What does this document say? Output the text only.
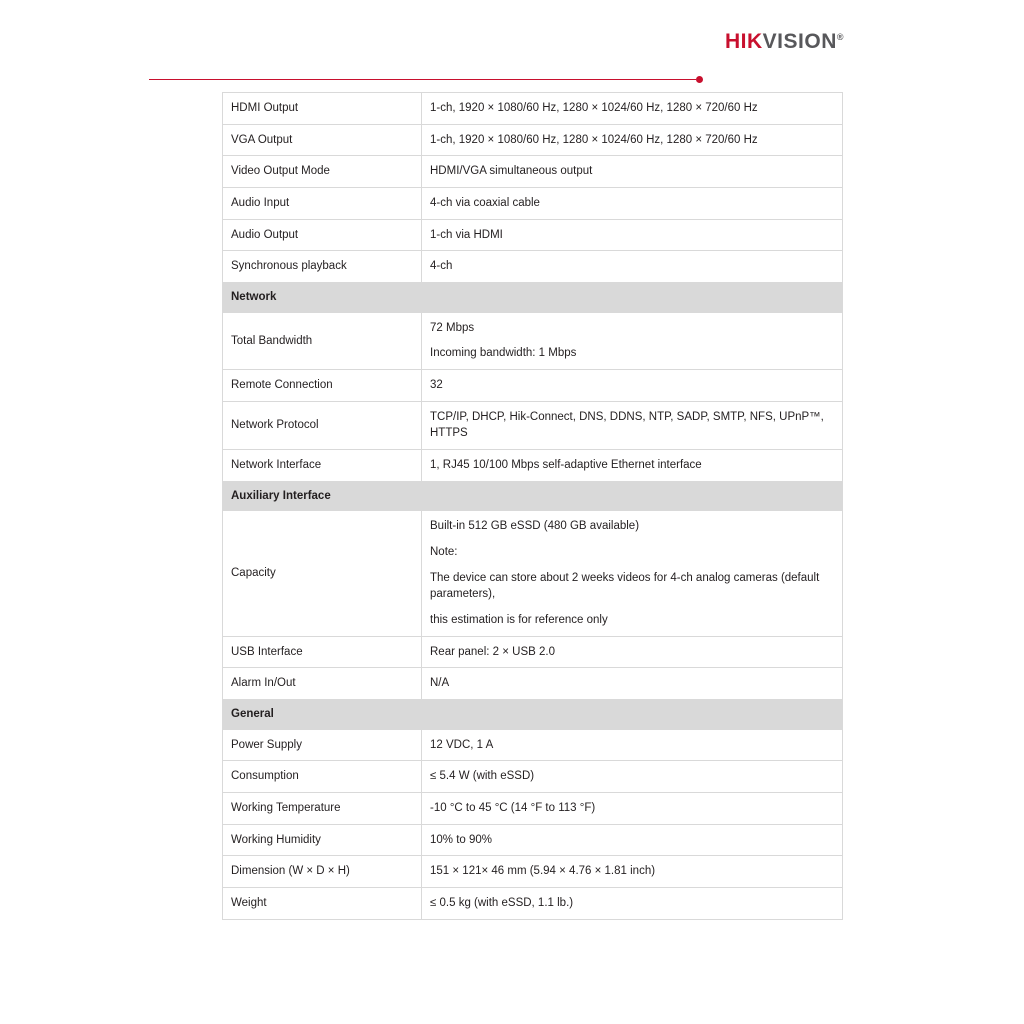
HIKVISION®
HDMI Output	1-ch, 1920 × 1080/60 Hz, 1280 × 1024/60 Hz, 1280 × 720/60 Hz

VGA Output	1-ch, 1920 × 1080/60 Hz, 1280 × 1024/60 Hz, 1280 × 720/60 Hz

Video Output Mode	HDMI/VGA simultaneous output

Audio Input	4-ch via coaxial cable

Audio Output	1-ch via HDMI

Synchronous playback	4-ch

Network	
Total Bandwidth	72 Mbps

Incoming bandwidth: 1 Mbps

Remote Connection	32

Network Protocol	TCP/IP, DHCP, Hik-Connect, DNS, DDNS, NTP, SADP, SMTP, NFS, UPnP™, HTTPS

Network Interface	1, RJ45 10/100 Mbps self-adaptive Ethernet interface

Auxiliary Interface	
Capacity	Built-in 512 GB eSSD (480 GB available)

Note:

The device can store about 2 weeks videos for 4-ch analog cameras (default parameters),

this estimation is for reference only

USB Interface	Rear panel: 2 × USB 2.0

Alarm In/Out	N/A

General	
Power Supply	12 VDC, 1 A

Consumption	≤ 5.4 W (with eSSD)

Working Temperature	-10 °C to 45 °C (14 °F to 113 °F)

Working Humidity	10% to 90%

Dimension (W × D × H)	151 × 121× 46 mm (5.94 × 4.76 × 1.81 inch)

Weight	≤ 0.5 kg (with eSSD, 1.1 lb.)
